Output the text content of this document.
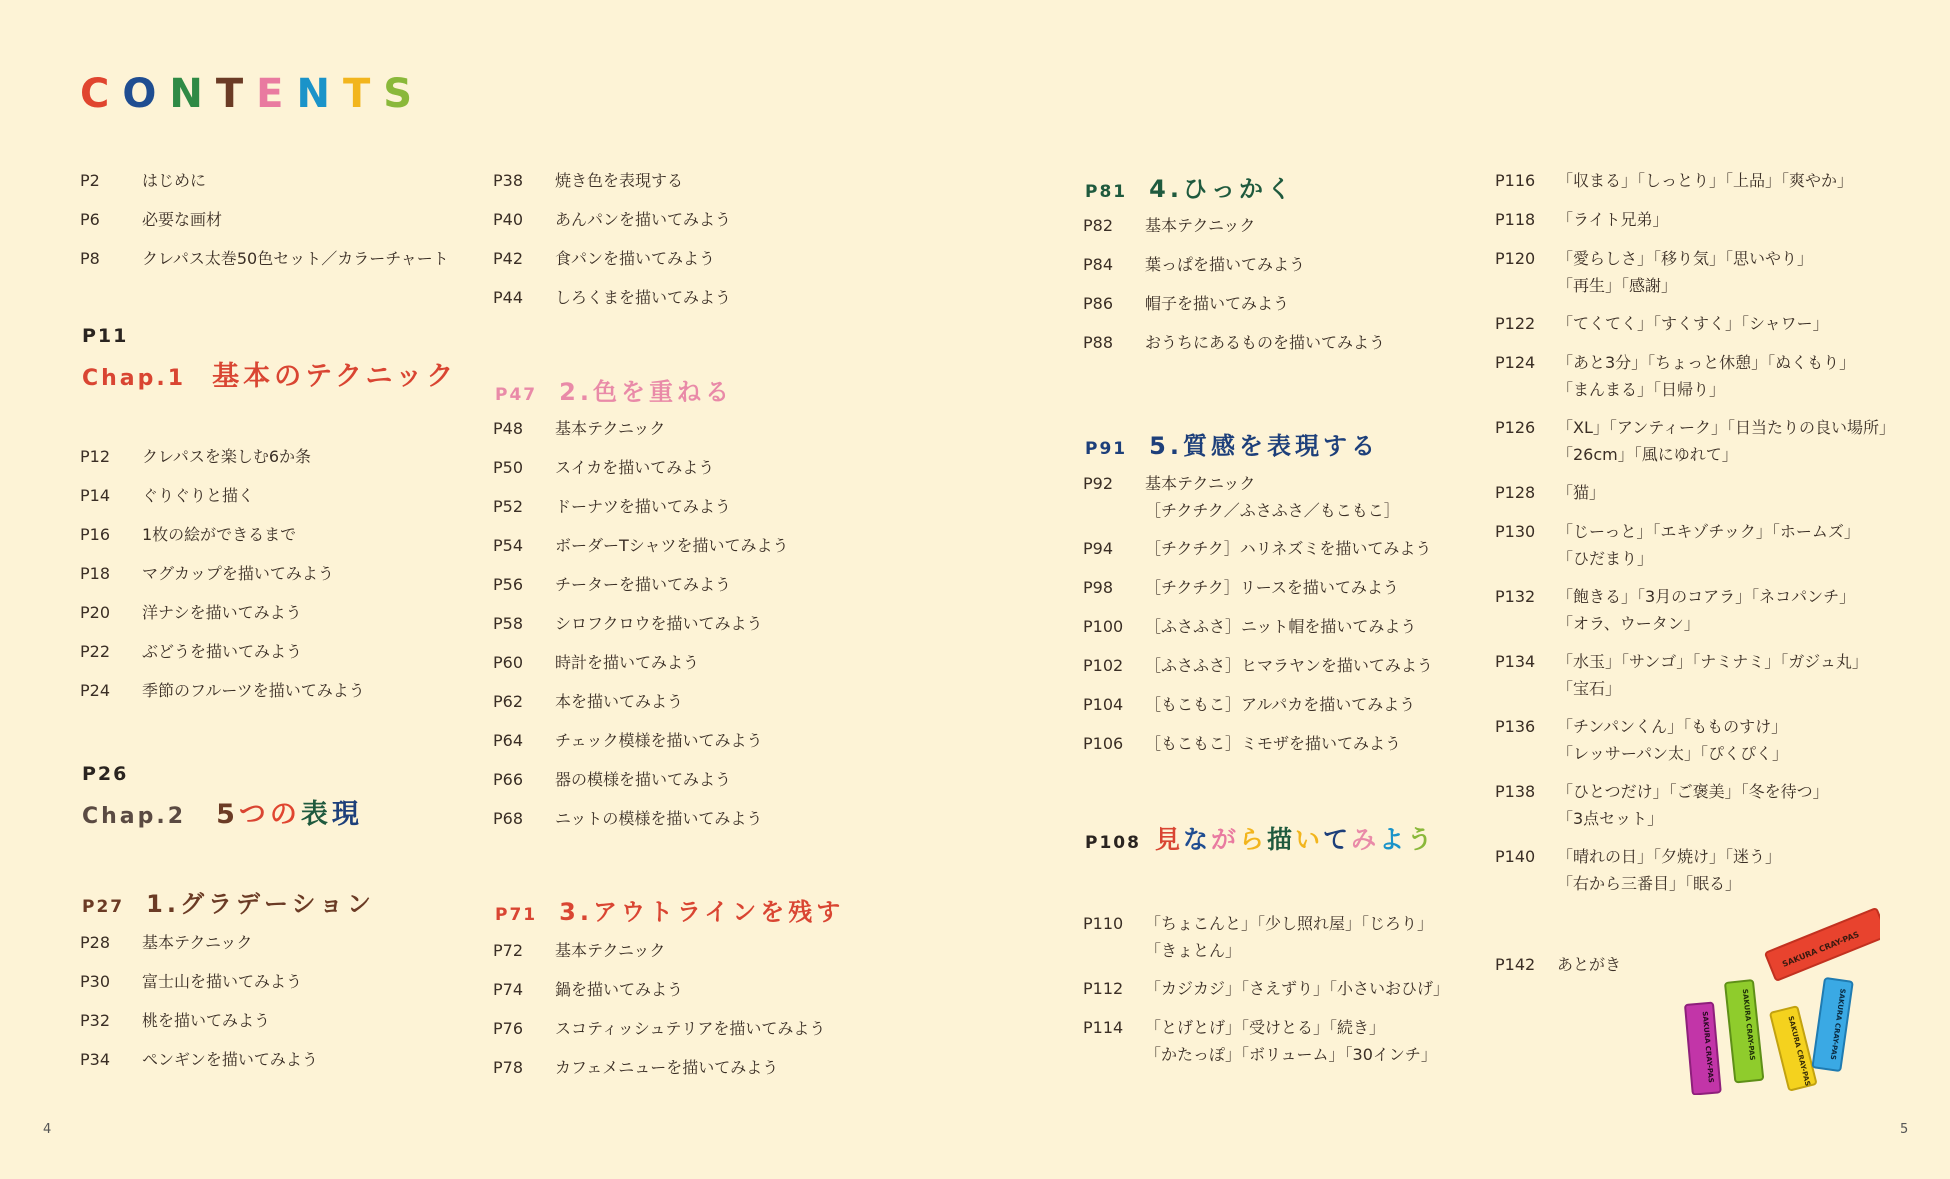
CONTENTS
P2	はじめに
P6	必要な画材
P8	クレパス太巻50色セット／カラーチャート
P11
Chap.1 基本のテクニック
P12	クレパスを楽しむ6か条
P14	ぐりぐりと描く
P16	1枚の絵ができるまで
P18	マグカップを描いてみよう
P20	洋ナシを描いてみよう
P22	ぶどうを描いてみよう
P24	季節のフルーツを描いてみよう
P26
Chap.2 5つの表現
P27 1.グラデーション
P28	基本テクニック
P30	富士山を描いてみよう
P32	桃を描いてみよう
P34	ペンギンを描いてみよう
P38	焼き色を表現する
P40	あんパンを描いてみよう
P42	食パンを描いてみよう
P44	しろくまを描いてみよう
P47 2.色を重ねる
P48	基本テクニック
P50	スイカを描いてみよう
P52	ドーナツを描いてみよう
P54	ボーダーTシャツを描いてみよう
P56	チーターを描いてみよう
P58	シロフクロウを描いてみよう
P60	時計を描いてみよう
P62	本を描いてみよう
P64	チェック模様を描いてみよう
P66	器の模様を描いてみよう
P68	ニットの模様を描いてみよう
P71 3.アウトラインを残す
P72	基本テクニック
P74	鍋を描いてみよう
P76	スコティッシュテリアを描いてみよう
P78	カフェメニューを描いてみよう
P81 4.ひっかく
P82	基本テクニック
P84	葉っぱを描いてみよう
P86	帽子を描いてみよう
P88	おうちにあるものを描いてみよう
P91 5.質感を表現する
P92	基本テクニック
［チクチク／ふさふさ／もこもこ］
P94	［チクチク］ハリネズミを描いてみよう
P98	［チクチク］リースを描いてみよう
P100	［ふさふさ］ニット帽を描いてみよう
P102	［ふさふさ］ヒマラヤンを描いてみよう
P104	［もこもこ］アルパカを描いてみよう
P106	［もこもこ］ミモザを描いてみよう
P108 見ながら描いてみよう
P110	「ちょこんと」「少し照れ屋」「じろり」
「きょとん」
P112	「カジカジ」「さえずり」「小さいおひげ」
P114	「とげとげ」「受けとる」「続き」
「かたっぽ」「ボリューム」「30インチ」
P116	「収まる」「しっとり」「上品」「爽やか」
P118	「ライト兄弟」
P120	「愛らしさ」「移り気」「思いやり」
「再生」「感謝」
P122	「てくてく」「すくすく」「シャワー」
P124	「あと3分」「ちょっと休憩」「ぬくもり」
「まんまる」「日帰り」
P126	「XL」「アンティーク」「日当たりの良い場所」
「26cm」「風にゆれて」
P128	「猫」
P130	「じーっと」「エキゾチック」「ホームズ」
「ひだまり」
P132	「飽きる」「3月のコアラ」「ネコパンチ」
「オラ、ウータン」
P134	「水玉」「サンゴ」「ナミナミ」「ガジュ丸」
「宝石」
P136	「チンパンくん」「もものすけ」
「レッサーパン太」「ぴくぴく」
P138	「ひとつだけ」「ご褒美」「冬を待つ」
「3点セット」
P140	「晴れの日」「夕焼け」「迷う」
「右から三番目」「眠る」
P142	あとがき	SAKURA CRAY-PAS
SAKURA CRAY-PAS	SAKURA CRAY-PAS	SAKURA CRAY-PAS SAKURA CRAY-PAS
4	5
